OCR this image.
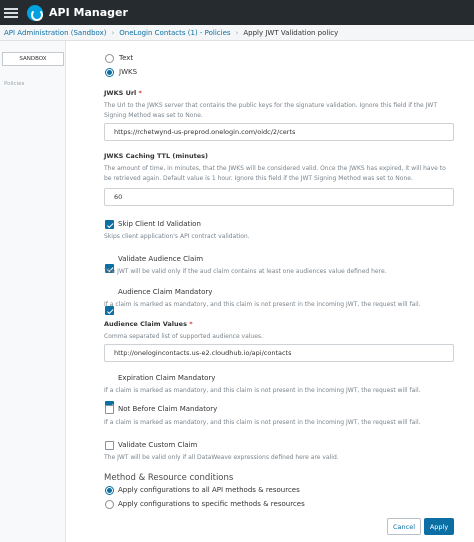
API Manager
API Administration (Sandbox) › OneLogin Contacts (1) - Policies › Apply JWT Validation policy
SANDBOX
Policies
Text
JWKS
JWKS Url *
The Url to the JWKS server that contains the public keys for the signature validation. Ignore this field if the JWT Signing Method was set to None.
https://rchetwynd-us-preprod.onelogin.com/oidc/2/certs
JWKS Caching TTL (minutes)
The amount of time, in minutes, that the JWKS will be considered valid. Once the JWKS has expired, it will have to be retrieved again. Default value is 1 hour. Ignore this field if the JWT Signing Method was set to None.
60
Skip Client Id Validation
Skips client application's API contract validation.
Validate Audience Claim
The JWT will be valid only if the aud claim contains at least one audiences value defined here.
Audience Claim Mandatory
If a claim is marked as mandatory, and this claim is not present in the incoming JWT, the request will fail.
Audience Claim Values *
Comma separated list of supported audience values.
http://onelogincontacts.us-e2.cloudhub.io/api/contacts
Expiration Claim Mandatory
If a claim is marked as mandatory, and this claim is not present in the incoming JWT, the request will fail.
Not Before Claim Mandatory
If a claim is marked as mandatory, and this claim is not present in the incoming JWT, the request will fail.
Validate Custom Claim
The JWT will be valid only if all DataWeave expressions defined here are valid.
Method & Resource conditions
Apply configurations to all API methods & resources
Apply configurations to specific methods & resources
Cancel	Apply
